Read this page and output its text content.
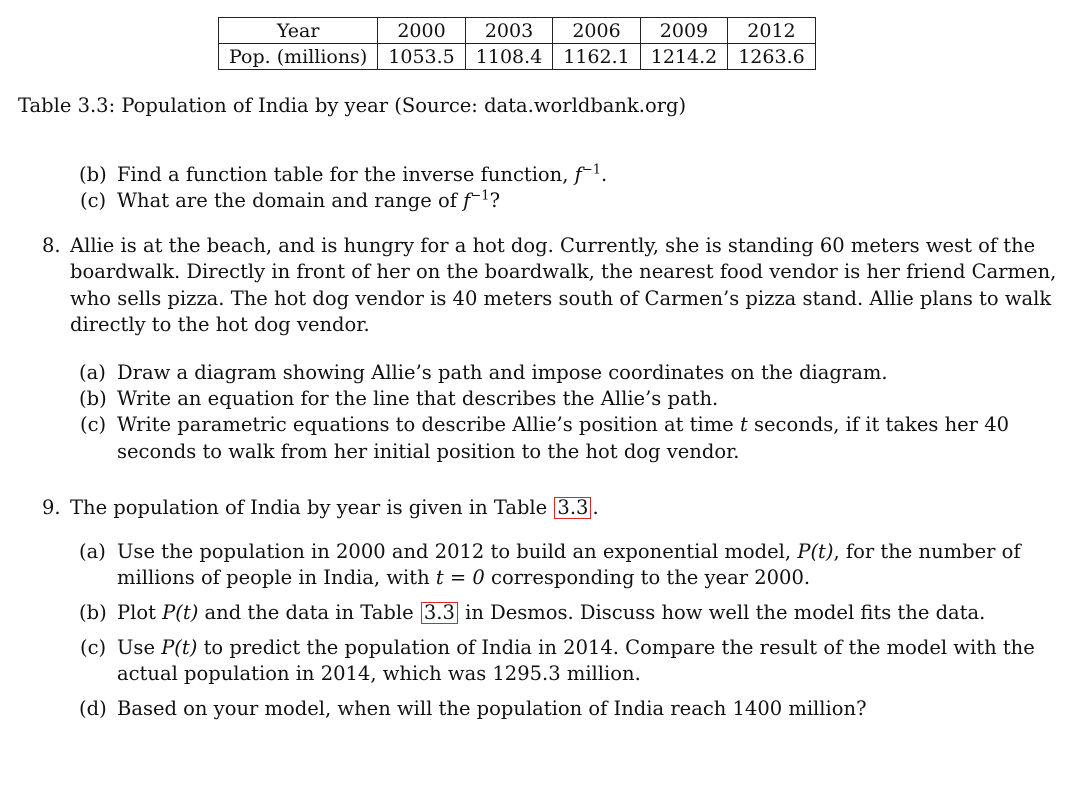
Year	2000	2003	2006	2009	2012
Pop. (millions)	1053.5	1108.4	1162.1	1214.2	1263.6
Table 3.3: Population of India by year (Source: data.worldbank.org)
(b) Find a function table for the inverse function, $f^{-1}$.
(c) What are the domain and range of $f^{-1}$?
8. Allie is at the beach, and is hungry for a hot dog. Currently, she is standing 60 meters west of the
boardwalk. Directly in front of her on the boardwalk, the nearest food vendor is her friend Carmen,
who sells pizza. The hot dog vendor is 40 meters south of Carmen’s pizza stand. Allie plans to walk
directly to the hot dog vendor.
(a) Draw a diagram showing Allie’s path and impose coordinates on the diagram.
(b) Write an equation for the line that describes the Allie’s path.
(c) Write parametric equations to describe Allie’s position at time t seconds, if it takes her 40
seconds to walk from her initial position to the hot dog vendor.
9. The population of India by year is given in Table 3.3 .
(a) Use the population in 2000 and 2012 to build an exponential model, P(t), for the number of
millions of people in India, with t = 0 corresponding to the year 2000.
(b) Plot P(t) and the data in Table 3.3 in Desmos. Discuss how well the model fits the data.
(c) Use P(t) to predict the population of India in 2014. Compare the result of the model with the
actual population in 2014, which was 1295.3 million.
(d) Based on your model, when will the population of India reach 1400 million?
